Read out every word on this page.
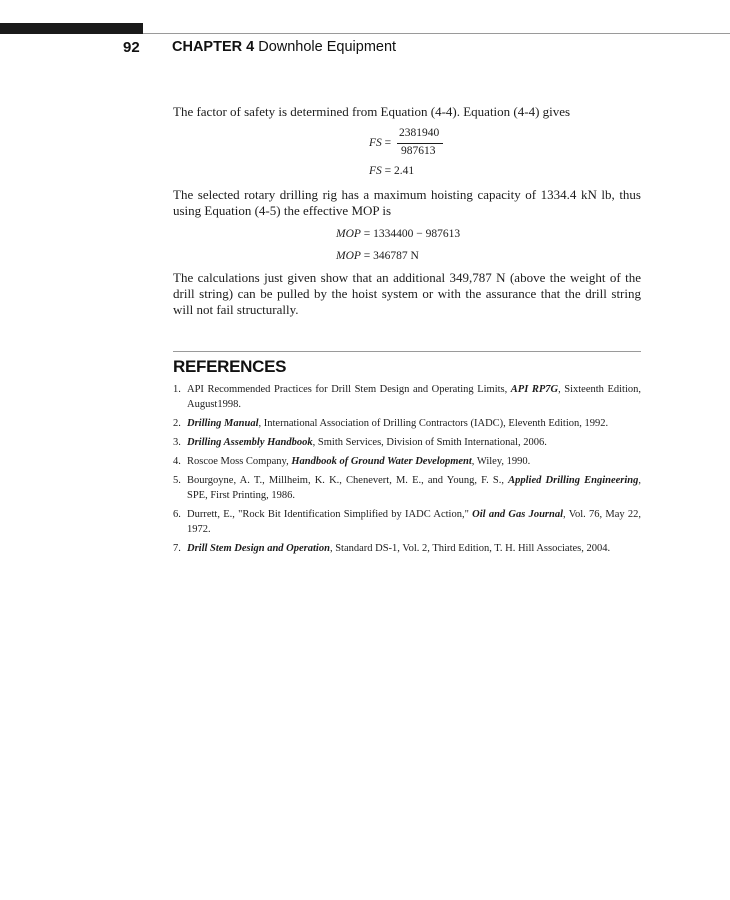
92 CHAPTER 4 Downhole Equipment

The factor of safety is determined from Equation (4-4). Equation (4-4) gives

2381940
987613
FS =
FS = 2.41

The selected rotary drilling rig has a maximum hoisting capacity of 1334.4 kN lb, thus using Equation (4-5) the effective MOP is

MOP = 1334400 − 987613
MOP = 346787 N

The calculations just given show that an additional 349,787 N (above the weight of the drill string) can be pulled by the hoist system or with the assurance that the drill string will not fail structurally.

REFERENCES
1. API Recommended Practices for Drill Stem Design and Operating Limits, API RP7G, Sixteenth Edition, August1998.
2. Drilling Manual, International Association of Drilling Contractors (IADC), Eleventh Edition, 1992.
3. Drilling Assembly Handbook, Smith Services, Division of Smith International, 2006.
4. Roscoe Moss Company, Handbook of Ground Water Development, Wiley, 1990.
5. Bourgoyne, A. T., Millheim, K. K., Chenevert, M. E., and Young, F. S., Applied Drilling Engineering, SPE, First Printing, 1986.
6. Durrett, E., "Rock Bit Identification Simplified by IADC Action," Oil and Gas Journal, Vol. 76, May 22, 1972.
7. Drill Stem Design and Operation, Standard DS-1, Vol. 2, Third Edition, T. H. Hill Associates, 2004.
